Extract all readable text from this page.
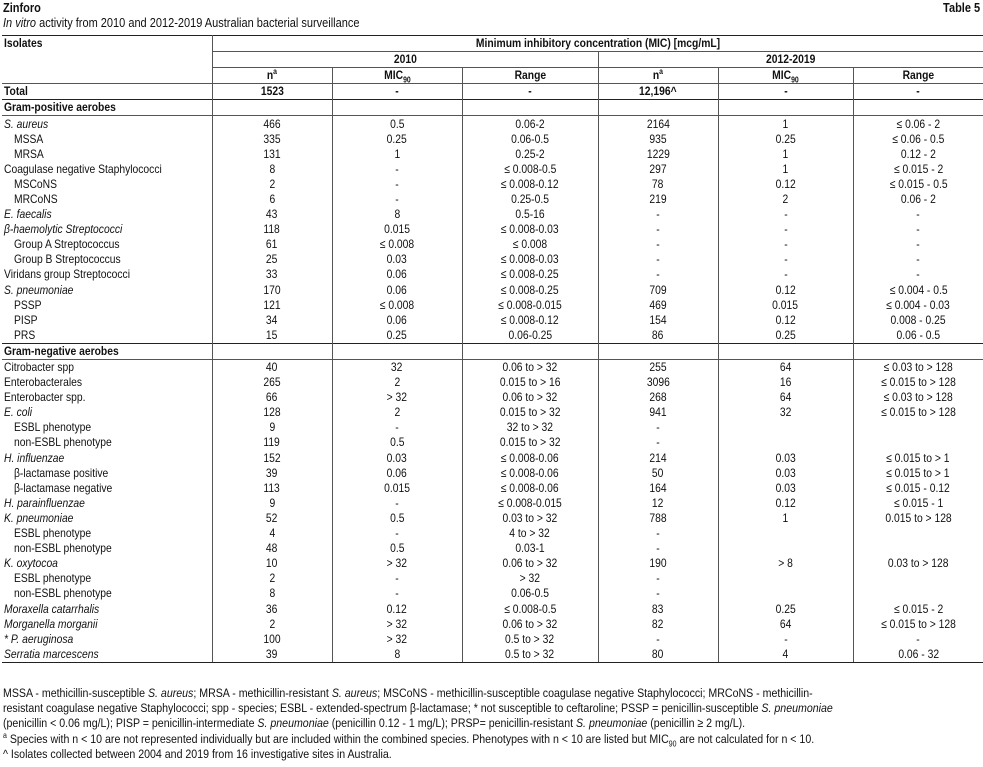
Zinforo	Table 5
In vitro activity from 2010 and 2012-2019 Australian bacterial surveillance
Isolates	Minimum inhibitory concentration (MIC) [mcg/mL]					
	2010			2012-2019		
	$n^a$	$MIC_{90}$	Range	$n^a$	$MIC_{90}$	Range
Total	1523	-	-	12,196^	-	-
Gram-positive aerobes						
S. aureus	466	0.5	0.06-2	2164	1	≤ 0.06 - 2
MSSA	335	0.25	0.06-0.5	935	0.25	≤ 0.06 - 0.5
MRSA	131	1	0.25-2	1229	1	0.12 - 2
Coagulase negative Staphylococci	8	-	≤ 0.008-0.5	297	1	≤ 0.015 - 2
MSCoNS	2	-	≤ 0.008-0.12	78	0.12	≤ 0.015 - 0.5
MRCoNS	6	-	0.25-0.5	219	2	0.06 - 2
E. faecalis	43	8	0.5-16	-	-	-
β-haemolytic Streptococci	118	0.015	≤ 0.008-0.03	-	-	-
Group A Streptococcus	61	≤ 0.008	≤ 0.008	-	-	-
Group B Streptococcus	25	0.03	≤ 0.008-0.03	-	-	-
Viridans group Streptococci	33	0.06	≤ 0.008-0.25	-	-	-
S. pneumoniae	170	0.06	≤ 0.008-0.25	709	0.12	≤ 0.004 - 0.5
PSSP	121	≤ 0.008	≤ 0.008-0.015	469	0.015	≤ 0.004 - 0.03
PISP	34	0.06	≤ 0.008-0.12	154	0.12	0.008 - 0.25
PRS	15	0.25	0.06-0.25	86	0.25	0.06 - 0.5
Gram-negative aerobes						
Citrobacter spp	40	32	0.06 to > 32	255	64	≤ 0.03 to > 128
Enterobacterales	265	2	0.015 to > 16	3096	16	≤ 0.015 to > 128
Enterobacter spp.	66	> 32	0.06 to > 32	268	64	≤ 0.03 to > 128
E. coli	128	2	0.015 to > 32	941	32	≤ 0.015 to > 128
ESBL phenotype	9	-	32 to > 32	-		
non-ESBL phenotype	119	0.5	0.015 to > 32	-		
H. influenzae	152	0.03	≤ 0.008-0.06	214	0.03	≤ 0.015 to > 1
β-lactamase positive	39	0.06	≤ 0.008-0.06	50	0.03	≤ 0.015 to > 1
β-lactamase negative	113	0.015	≤ 0.008-0.06	164	0.03	≤ 0.015 - 0.12
H. parainfluenzae	9	-	≤ 0.008-0.015	12	0.12	≤ 0.015 - 1
K. pneumoniae	52	0.5	0.03 to > 32	788	1	0.015 to > 128
ESBL phenotype	4	-	4 to > 32	-		
non-ESBL phenotype	48	0.5	0.03-1	-		
K. oxytocoa	10	> 32	0.06 to > 32	190	> 8	0.03 to > 128
ESBL phenotype	2	-	> 32	-		
non-ESBL phenotype	8	-	0.06-0.5	-		
Moraxella catarrhalis	36	0.12	≤ 0.008-0.5	83	0.25	≤ 0.015 - 2
Morganella morganii	2	> 32	0.06 to > 32	82	64	≤ 0.015 to > 128
* P. aeruginosa	100	> 32	0.5 to > 32	-	-	-
Serratia marcescens	39	8	0.5 to > 32	80	4	0.06 - 32
MSSA - methicillin-susceptible S. aureus; MRSA - methicillin-resistant S. aureus; MSCoNS - methicillin-susceptible coagulase negative Staphylococci; MRCoNS - methicillin-
resistant coagulase negative Staphylococci; spp - species; ESBL - extended-spectrum β-lactamase; * not susceptible to ceftaroline; PSSP = penicillin-susceptible S. pneumoniae
(penicillin < 0.06 mg/L); PISP = penicillin-intermediate S. pneumoniae (penicillin 0.12 - 1 mg/L); PRSP= penicillin-resistant S. pneumoniae (penicillin ≥ 2 mg/L).
$^a$ Species with n < 10 are not represented individually but are included within the combined species. Phenotypes with n < 10 are listed but $MIC_{90}$ are not calculated for n < 10.
^ Isolates collected between 2004 and 2019 from 16 investigative sites in Australia.
